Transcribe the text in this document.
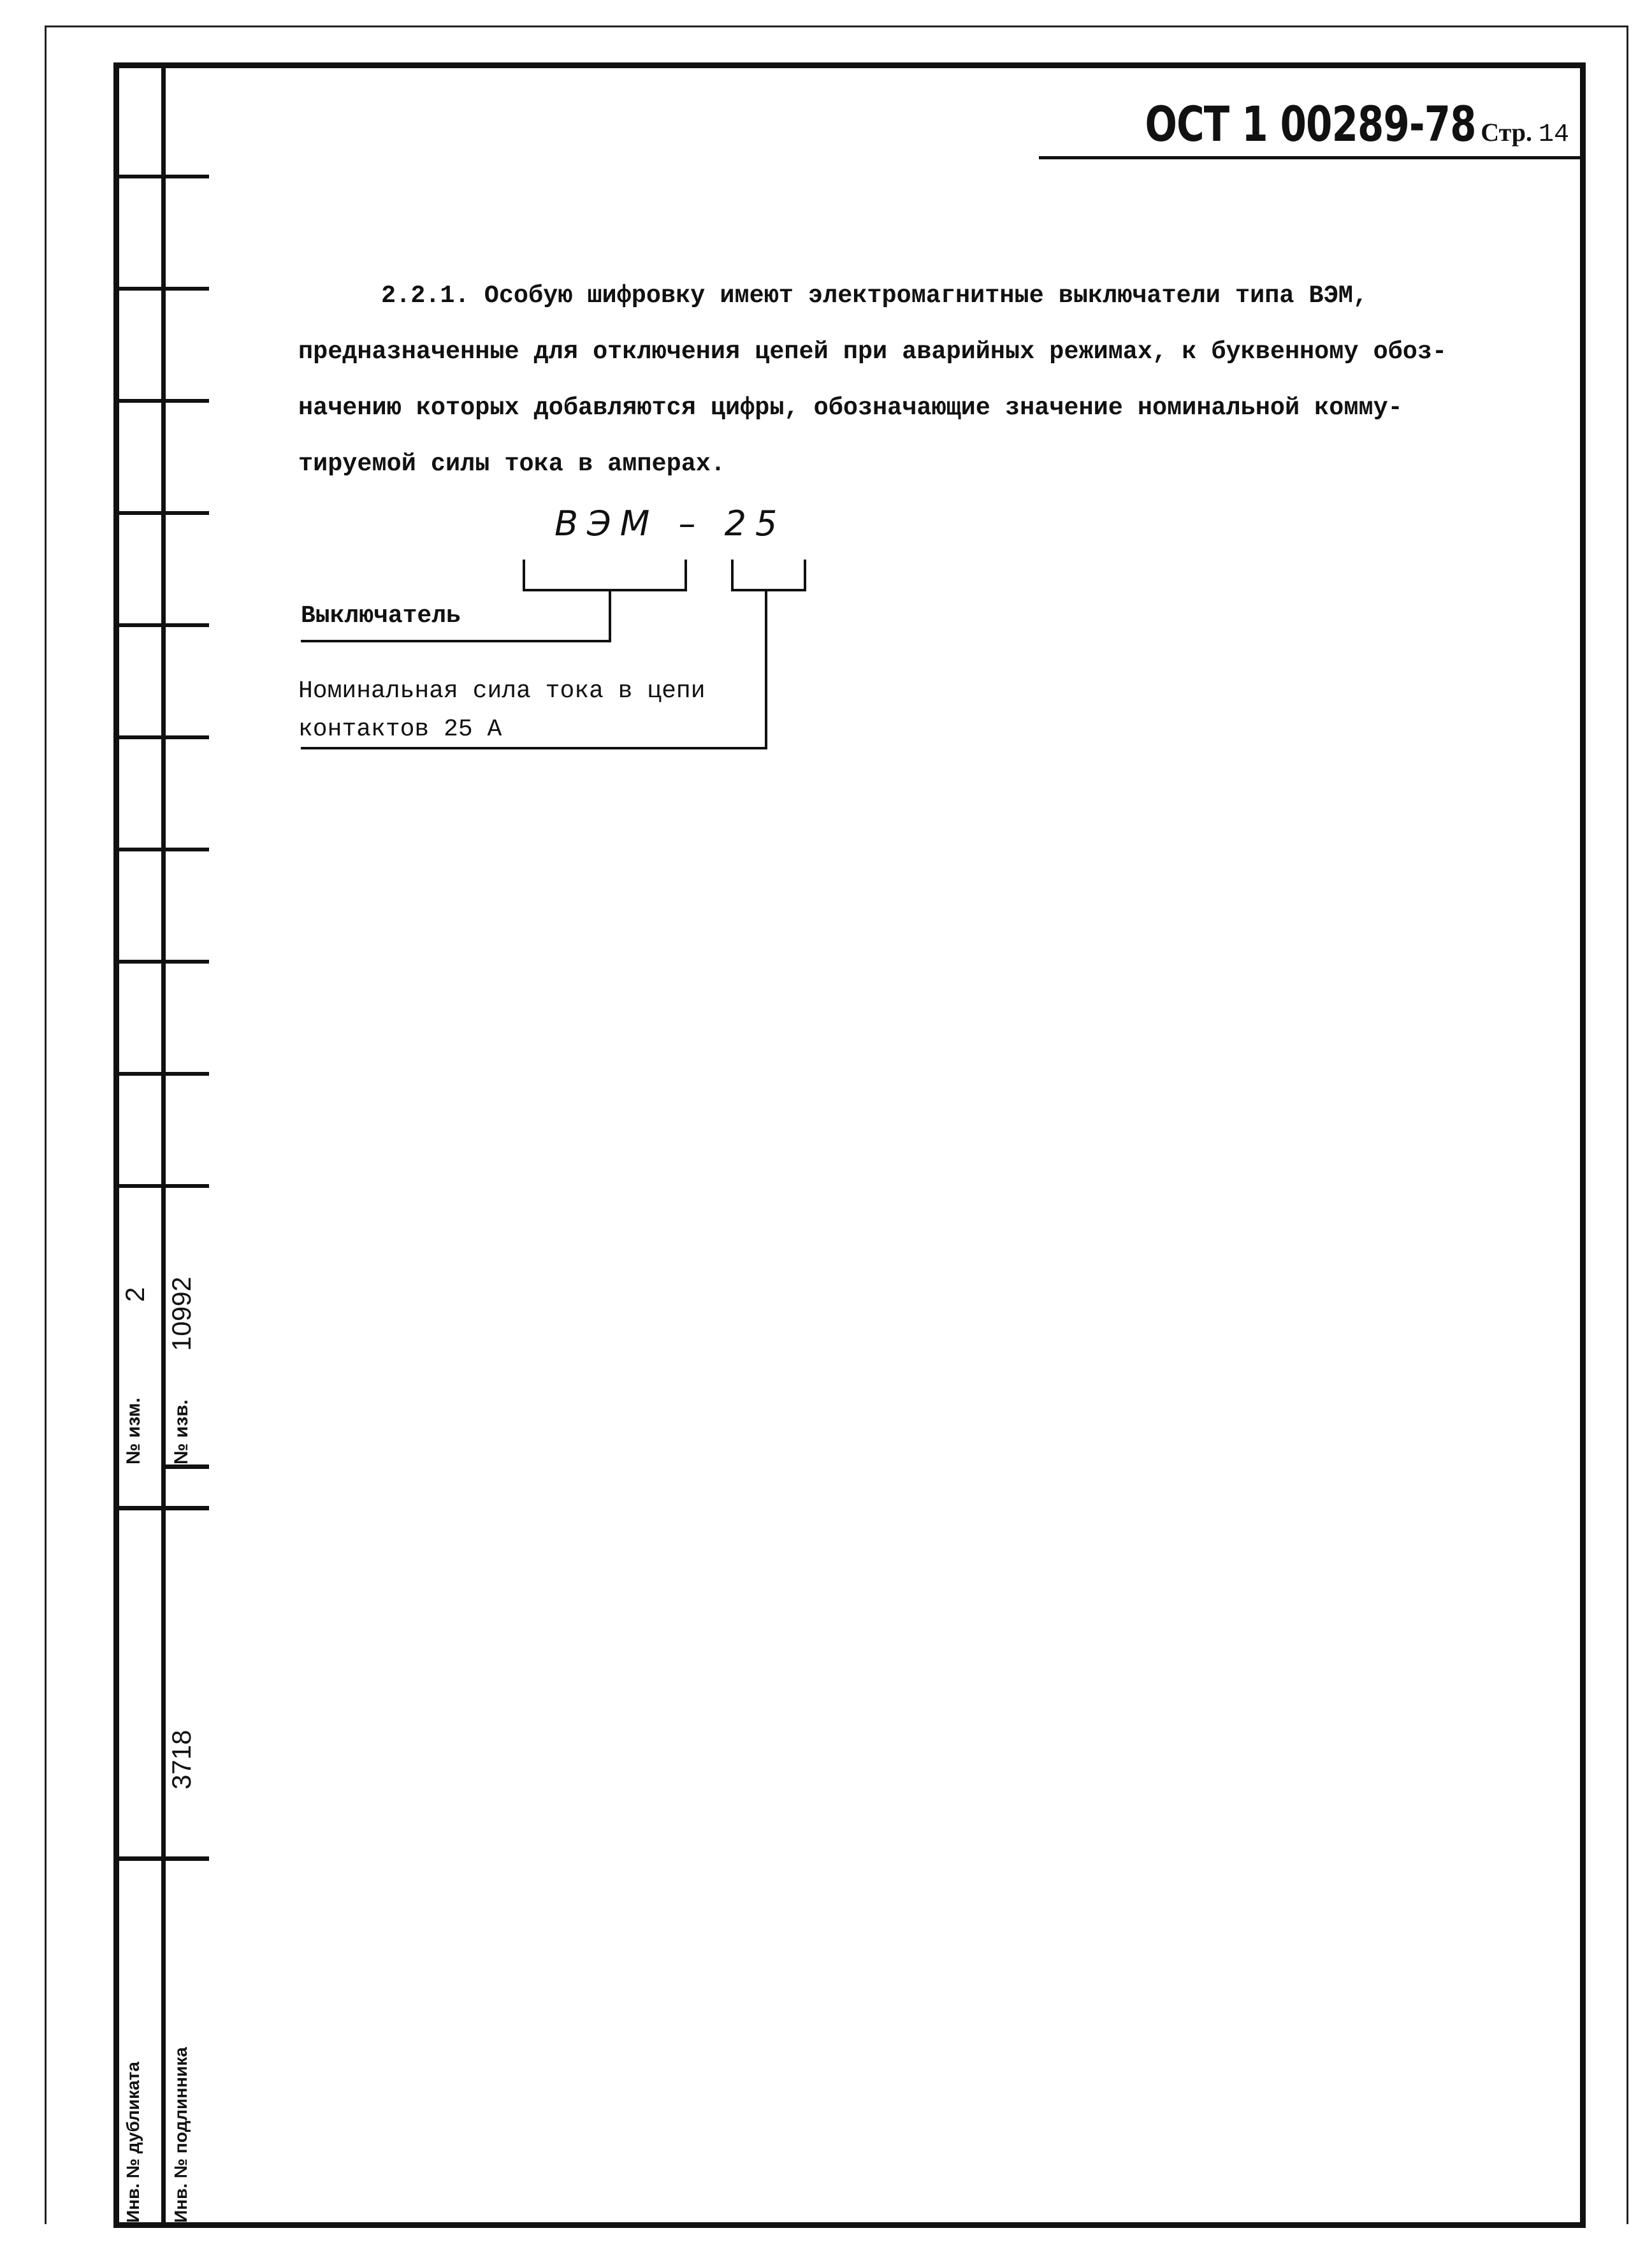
№ изм.
2
№ изв.
10992
Инв. № дубликата Инв. № подлинника
3718
ОСТ 1 00289-78 Стр. 14

2.2.1. Особую шифровку имеют электромагнитные выключатели типа ВЭМ,

предназначенные для отключения цепей при аварийных режимах, к буквенному обоз-

начению которых добавляются цифры, обозначающие значение номинальной комму-

тируемой силы тока в амперах.

ВЭМ – 25
Выключатель
Номинальная сила тока в цепи
контактов 25 А
